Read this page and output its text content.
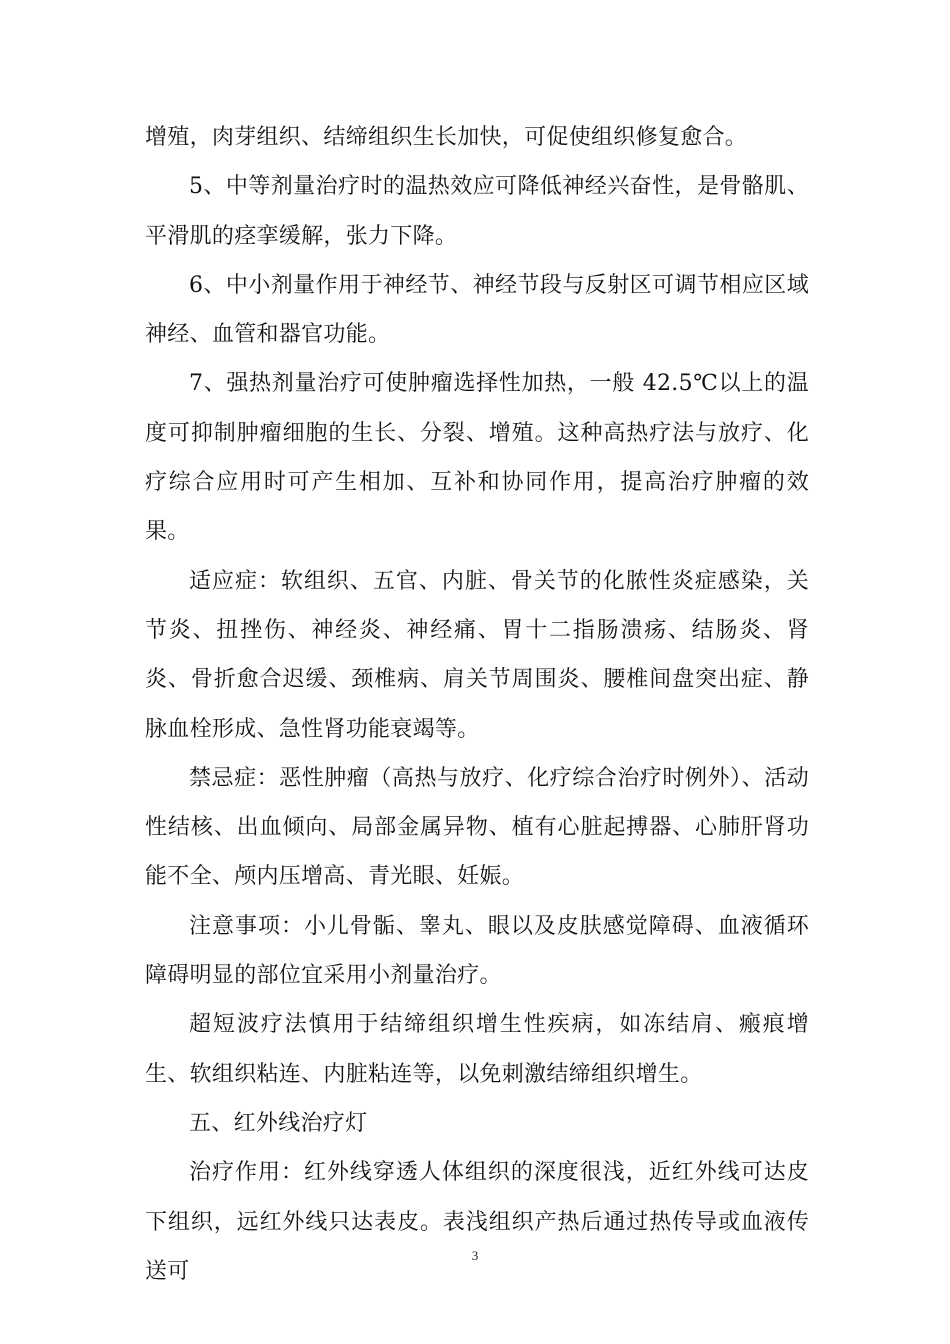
增殖，肉芽组织、结缔组织生长加快，可促使组织修复愈合。

5、中等剂量治疗时的温热效应可降低神经兴奋性，是骨骼肌、平滑肌的痉挛缓解，张力下降。

6、中小剂量作用于神经节、神经节段与反射区可调节相应区域神经、血管和器官功能。

7、强热剂量治疗可使肿瘤选择性加热，一般 42.5℃以上的温度可抑制肿瘤细胞的生长、分裂、增殖。这种高热疗法与放疗、化疗综合应用时可产生相加、互补和协同作用，提高治疗肿瘤的效果。

适应症：软组织、五官、内脏、骨关节的化脓性炎症感染，关节炎、扭挫伤、神经炎、神经痛、胃十二指肠溃疡、结肠炎、肾炎、骨折愈合迟缓、颈椎病、肩关节周围炎、腰椎间盘突出症、静脉血栓形成、急性肾功能衰竭等。

禁忌症：恶性肿瘤（高热与放疗、化疗综合治疗时例外）、活动性结核、出血倾向、局部金属异物、植有心脏起搏器、心肺肝肾功能不全、颅内压增高、青光眼、妊娠。

注意事项：小儿骨骺、睾丸、眼以及皮肤感觉障碍、血液循环障碍明显的部位宜采用小剂量治疗。

超短波疗法慎用于结缔组织增生性疾病，如冻结肩、瘢痕增生、软组织粘连、内脏粘连等，以免刺激结缔组织增生。

五、红外线治疗灯

治疗作用：红外线穿透人体组织的深度很浅，近红外线可达皮下组织，远红外线只达表皮。表浅组织产热后通过热传导或血液传送可

3
